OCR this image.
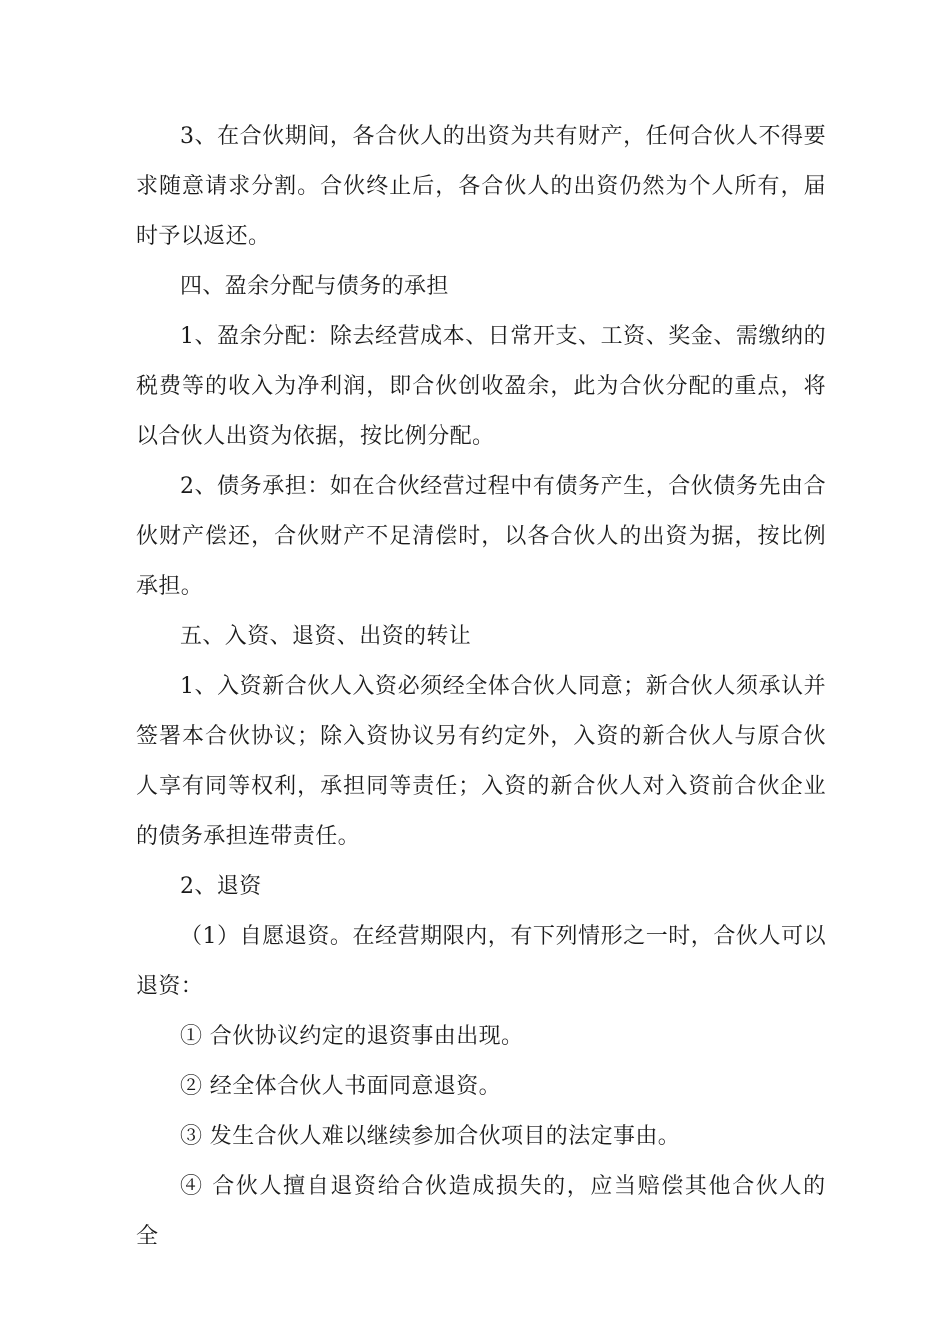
3、在合伙期间，各合伙人的出资为共有财产，任何合伙人不得要求随意请求分割。合伙终止后，各合伙人的出资仍然为个人所有，届时予以返还。

四、盈余分配与债务的承担

1、盈余分配：除去经营成本、日常开支、工资、奖金、需缴纳的税费等的收入为净利润，即合伙创收盈余，此为合伙分配的重点，将以合伙人出资为依据，按比例分配。

2、债务承担：如在合伙经营过程中有债务产生，合伙债务先由合伙财产偿还，合伙财产不足清偿时，以各合伙人的出资为据，按比例承担。

五、入资、退资、出资的转让

1、入资新合伙人入资必须经全体合伙人同意；新合伙人须承认并签署本合伙协议；除入资协议另有约定外，入资的新合伙人与原合伙人享有同等权利，承担同等责任；入资的新合伙人对入资前合伙企业的债务承担连带责任。

2、退资

（1）自愿退资。在经营期限内，有下列情形之一时，合伙人可以退资：

① 合伙协议约定的退资事由出现。

② 经全体合伙人书面同意退资。

③ 发生合伙人难以继续参加合伙项目的法定事由。

④ 合伙人擅自退资给合伙造成损失的，应当赔偿其他合伙人的全
